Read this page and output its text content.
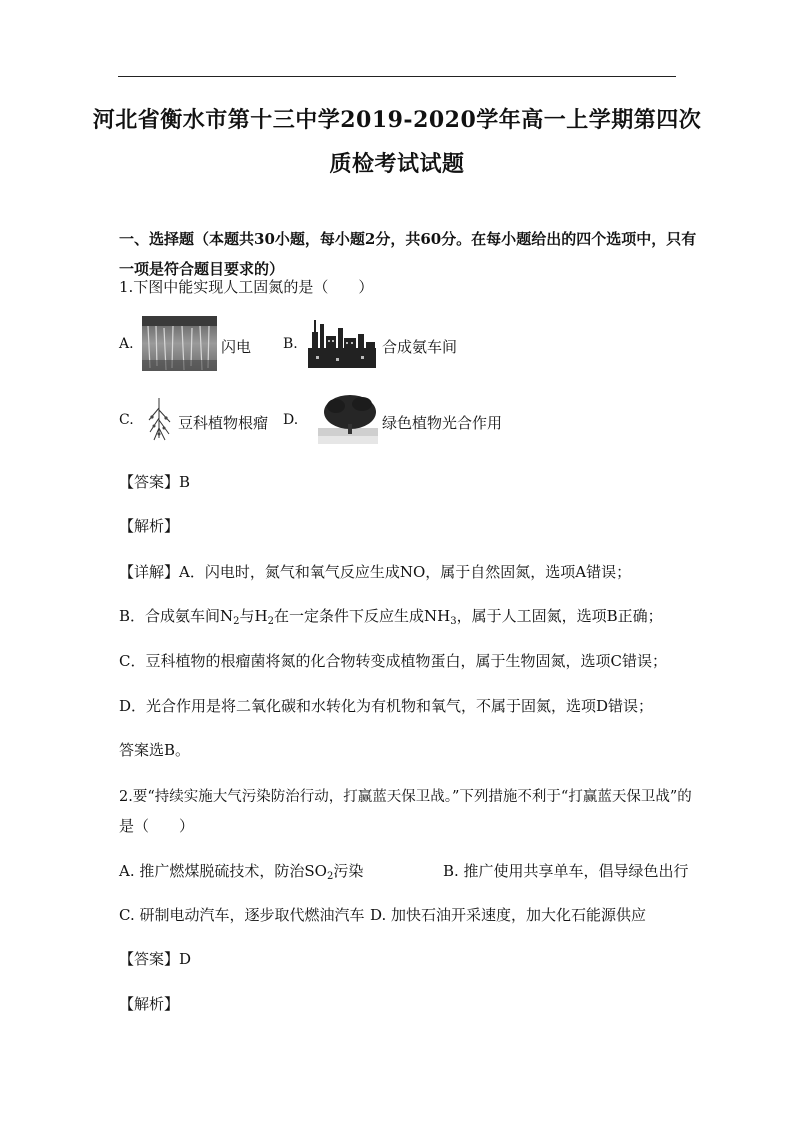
河北省衡水市第十三中学2019-2020学年高一上学期第四次
质检考试试题
一、选择题（本题共30小题，每小题2分，共60分。在每小题给出的四个选项中，只有
一项是符合题目要求的）
1.下图中能实现人工固氮的是（　　）
A.	闪电 B.	合成氨车间
C.	豆科植物根瘤 D.	绿色植物光合作用
【答案】B
【解析】
【详解】A．闪电时，氮气和氧气反应生成NO，属于自然固氮，选项A错误；
B．合成氨车间$N_2$与$H_2$在一定条件下反应生成$NH_3$，属于人工固氮，选项B正确；
C．豆科植物的根瘤菌将氮的化合物转变成植物蛋白，属于生物固氮，选项C错误；
D．光合作用是将二氧化碳和水转化为有机物和氧气，不属于固氮，选项D错误；
答案选B。
2.要“持续实施大气污染防治行动，打赢蓝天保卫战。”下列措施不利于“打赢蓝天保卫战”的
是（　　）
A. 推广燃煤脱硫技术，防治$SO_2$污染	B. 推广使用共享单车，倡导绿色出行
C. 研制电动汽车，逐步取代燃油汽车 D. 加快石油开采速度，加大化石能源供应
【答案】D
【解析】
